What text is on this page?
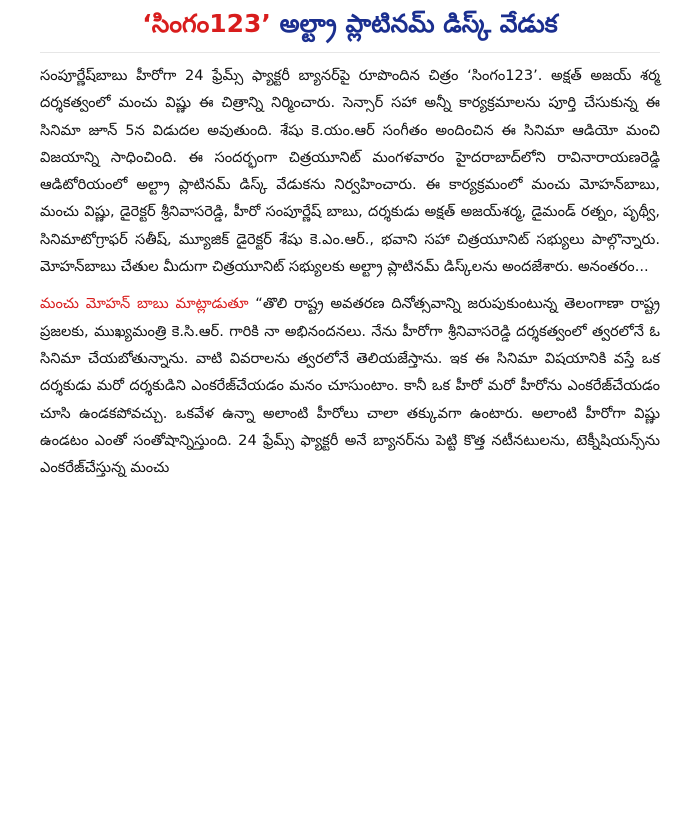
‘సింగం123’ అల్ట్రా ప్లాటినమ్ డిస్క్ వేడుక

సంపూర్ణేష్‌బాబు హీరోగా 24 ఫ్రేమ్స్ ఫ్యాక్టరీ బ్యానర్‌పై రూపొందిన చిత్రం ‘సింగం123’. అక్షత్ అజయ్ శర్మ దర్శకత్వంలో మంచు విష్ణు ఈ చిత్రాన్ని నిర్మించారు. సెన్సార్ సహా అన్నీ కార్యక్రమాలను పూర్తి చేసుకున్న ఈ సినిమా జూన్ 5న విడుదల అవుతుంది. శేషు కె.యం.ఆర్ సంగీతం అందించిన ఈ సినిమా ఆడియో మంచి విజయాన్ని సాధించింది. ఈ సందర్భంగా చిత్రయూనిట్ మంగళవారం హైదరాబాద్‌లోని రావినారాయణరెడ్డి ఆడిటోరియంలో అల్ట్రా ప్లాటినమ్ డిస్క్ వేడుకను నిర్వహించారు. ఈ కార్యక్రమంలో మంచు మోహన్‌బాబు, మంచు విష్ణు, డైరెక్టర్ శ్రీనివాసరెడ్డి, హీరో సంపూర్ణేష్ బాబు, దర్శకుడు అక్షత్ అజయ్‌శర్మ, డైమండ్ రత్నం, పృథ్వీ, సినిమాటోగ్రాఫర్ సతీష్, మ్యూజిక్ డైరెక్టర్ శేషు కె.ఎం.ఆర్., భవాని సహా చిత్రయూనిట్ సభ్యులు పాల్గొన్నారు. మోహన్‌బాబు చేతుల మీదుగా చిత్రయూనిట్ సభ్యులకు అల్ట్రా ప్లాటినమ్ డిస్క్‌లను అందజేశారు. అనంతరం...

మంచు మోహన్ బాబు మాట్లాడుతూ “తొలి రాష్ట్ర అవతరణ దినోత్సవాన్ని జరుపుకుంటున్న తెలంగాణా రాష్ట్ర ప్రజలకు, ముఖ్యమంత్రి కె.సి.ఆర్. గారికి నా అభినందనలు. నేను హీరోగా శ్రీనివాసరెడ్డి దర్శకత్వంలో త్వరలోనే ఓ సినిమా చేయబోతున్నాను. వాటి వివరాలను త్వరలోనే తెలియజేస్తాను. ఇక ఈ సినిమా విషయానికి వస్తే ఒక దర్శకుడు మరో దర్శకుడిని ఎంకరేజ్‌చేయడం మనం చూసుంటాం. కానీ ఒక హీరో మరో హీరోను ఎంకరేజ్‌చేయడం చూసి ఉండకపోవచ్చు. ఒకవేళ ఉన్నా అలాంటి హీరోలు చాలా తక్కువగా ఉంటారు. అలాంటి హీరోగా విష్ణు ఉండటం ఎంతో సంతోషాన్నిస్తుంది. 24 ఫ్రేమ్స్ ఫ్యాక్టరీ అనే బ్యానర్‌ను పెట్టి కొత్త నటీనటులను, టెక్నీషియన్స్‌ను ఎంకరేజ్‌చేస్తున్న మంచు
